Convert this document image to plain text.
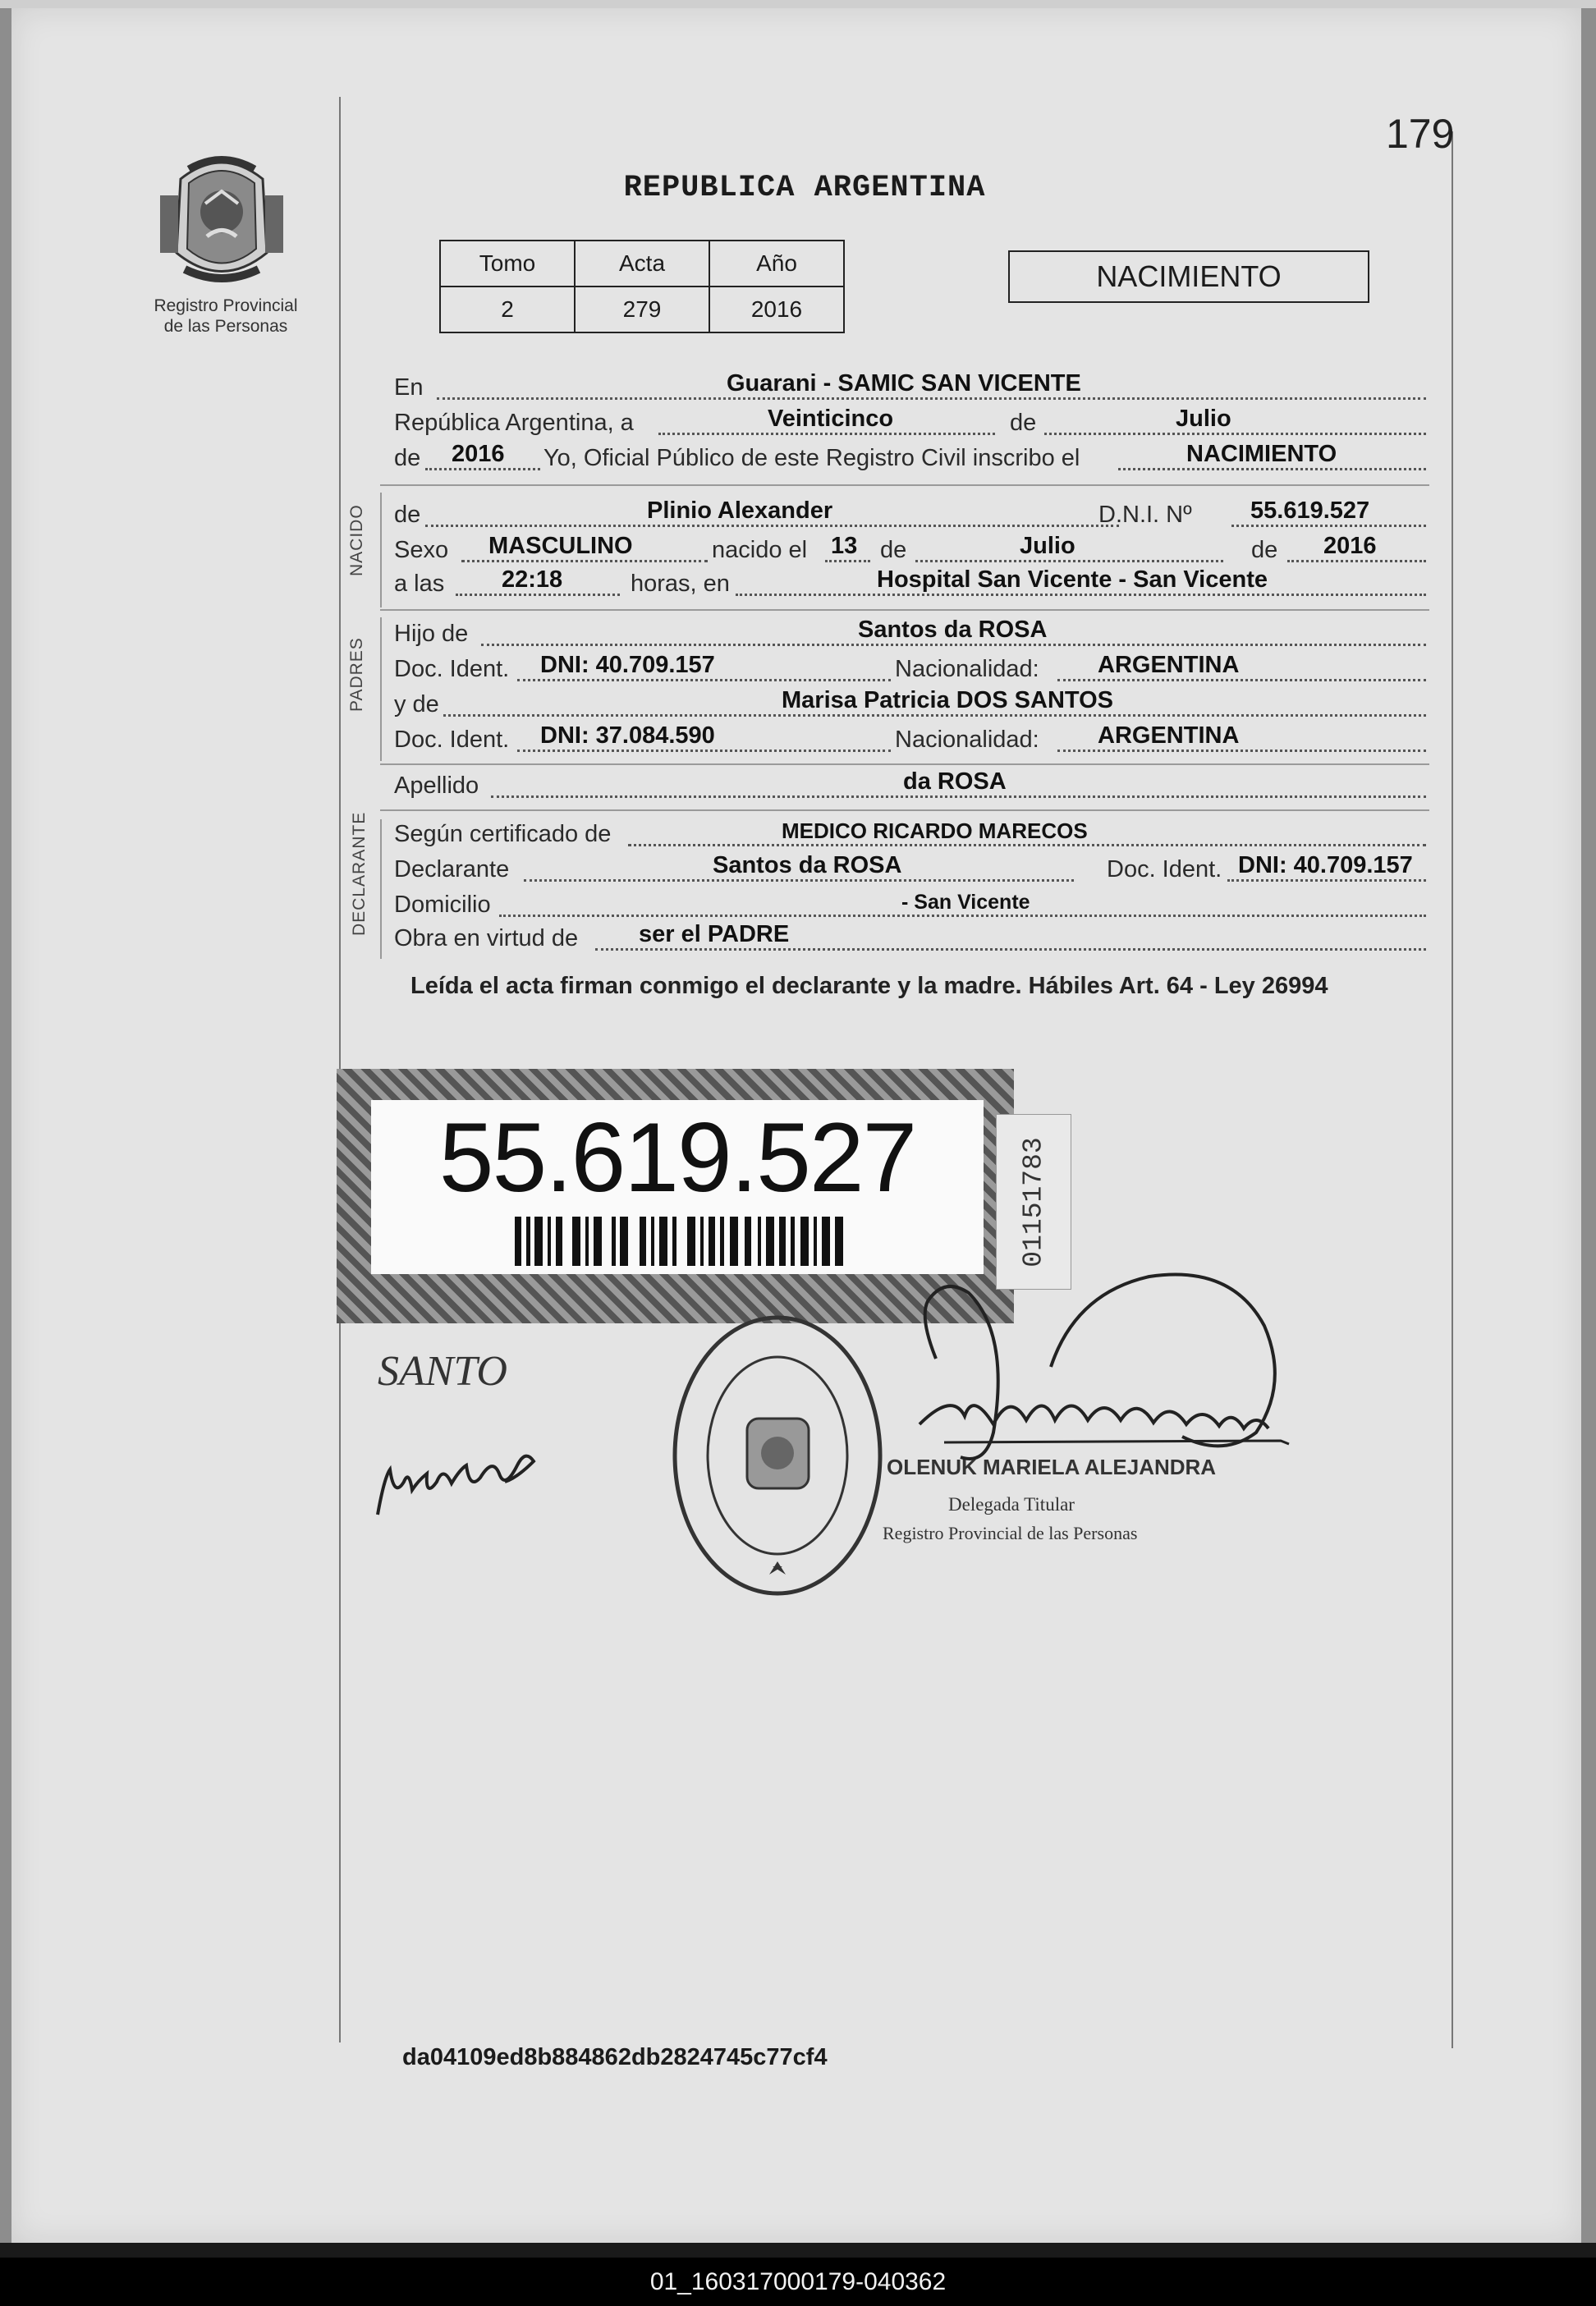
179
Registro Provincial
de las Personas
REPUBLICA ARGENTINA
Tomo	Acta	Año
2	279	2016
NACIMIENTO
En	Guarani - SAMIC SAN VICENTE
República Argentina, a	Veinticinco	de	Julio
de 2016 Yo, Oficial Público de este Registro Civil inscribo el	NACIMIENTO
NACIDO de	Plinio Alexander	D.N.I. Nº 55.619.527
Sexo MASCULINO	nacido el 13 de	Julio	de 2016
a las 22:18	horas, en	Hospital San Vicente - San Vicente
PADRES
Hijo de	Santos da ROSA
Doc. Ident. DNI: 40.709.157	Nacionalidad: ARGENTINA
y de	Marisa Patricia DOS SANTOS
Doc. Ident. DNI: 37.084.590	Nacionalidad: ARGENTINA
Apellido	da ROSA
DECLARANTE Según certificado de	MEDICO RICARDO MARECOS
Declarante	Santos da ROSA	Doc. Ident. DNI: 40.709.157
Domicilio	- San Vicente
Obra en virtud de	ser el PADRE
Leída el acta firman conmigo el declarante y la madre. Hábiles Art. 64 - Ley 26994
55.619.527	01151783
SANTO
OLENUK MARIELA ALEJANDRA
Delegada Titular
Registro Provincial de las Personas
da04109ed8b884862db2824745c77cf4
01_160317000179-040362
